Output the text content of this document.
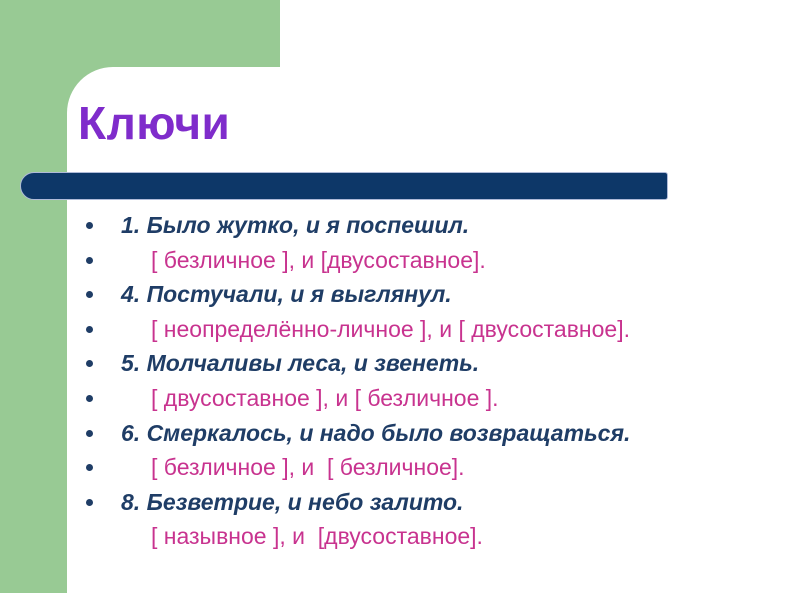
Ключи
1. Было жутко, и я поспешил.
[ безличное ], и [двусоставное].
4. Постучали, и я выглянул.
[ неопределённо-личное ], и [ двусоставное].
5. Молчаливы леса, и звенеть.
[ двусоставное ], и [ безличное ].
6. Смеркалось, и надо было возвращаться.
[ безличное ], и  [ безличное].
8. Безветрие, и небо залито.
[ назывное ], и  [двусоставное].
